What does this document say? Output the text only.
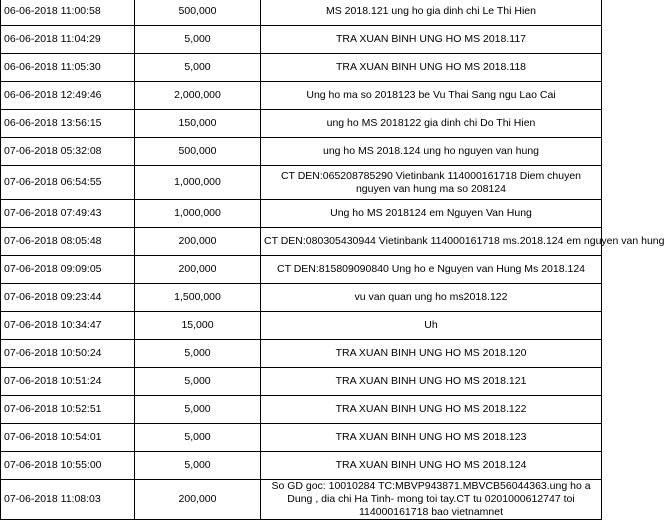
06-06-2018 11:00:58	500,000	MS 2018.121 ung ho gia dinh chi Le Thi Hien
06-06-2018 11:04:29	5,000	TRA XUAN BINH UNG HO MS 2018.117
06-06-2018 11:05:30	5,000	TRA XUAN BINH UNG HO MS 2018.118
06-06-2018 12:49:46	2,000,000	Ung ho ma so 2018123 be Vu Thai Sang ngu Lao Cai
06-06-2018 13:56:15	150,000	ung ho MS 2018122 gia dinh chi Do Thi Hien
07-06-2018 05:32:08	500,000	ung ho MS 2018.124 ung ho nguyen van hung
07-06-2018 06:54:55	1,000,000	CT DEN:065208785290 Vietinbank 114000161718 Diem chuyen nguyen van hung ma so 208124
07-06-2018 07:49:43	1,000,000	Ung ho MS 2018124 em Nguyen Van Hung
07-06-2018 08:05:48	200,000	CT DEN:080305430944 Vietinbank 114000161718 ms.2018.124 em nguyen van hung
07-06-2018 09:09:05	200,000	CT DEN:815809090840 Ung ho e Nguyen van Hung Ms 2018.124
07-06-2018 09:23:44	1,500,000	vu van quan ung ho ms2018.122
07-06-2018 10:34:47	15,000	Uh
07-06-2018 10:50:24	5,000	TRA XUAN BINH UNG HO MS 2018.120
07-06-2018 10:51:24	5,000	TRA XUAN BINH UNG HO MS 2018.121
07-06-2018 10:52:51	5,000	TRA XUAN BINH UNG HO MS 2018.122
07-06-2018 10:54:01	5,000	TRA XUAN BINH UNG HO MS 2018.123
07-06-2018 10:55:00	5,000	TRA XUAN BINH UNG HO MS 2018.124
07-06-2018 11:08:03	200,000	So GD goc: 10010284 TC:MBVP943871.MBVCB56044363.ung ho a Dung , dia chi Ha Tinh- mong toi tay.CT tu 0201000612747 toi 114000161718 bao vietnamnet
